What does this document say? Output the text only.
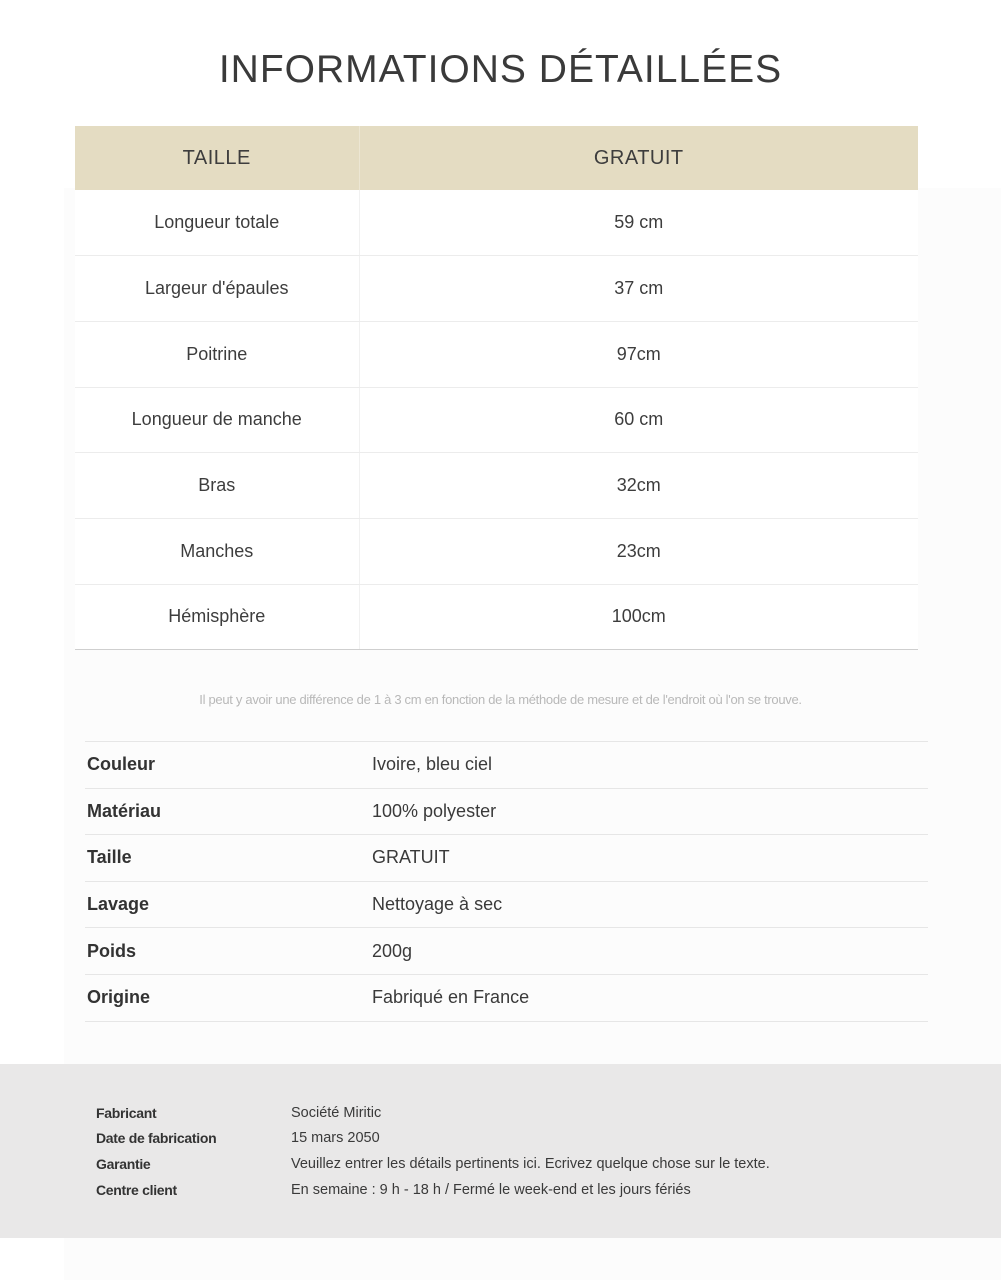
INFORMATIONS DÉTAILLÉES
TAILLE	GRATUIT
Longueur totale	59 cm
Largeur d'épaules	37 cm
Poitrine	97cm
Longueur de manche	60 cm
Bras	32cm
Manches	23cm
Hémisphère	100cm

Il peut y avoir une différence de 1 à 3 cm en fonction de la méthode de mesure et de l'endroit où l'on se trouve.

Couleur	Ivoire, bleu ciel
Matériau	100% polyester
Taille	GRATUIT
Lavage	Nettoyage à sec
Poids	200g
Origine	Fabriqué en France
Fabricant	Société Miritic
Date de fabrication	15 mars 2050
Garantie	Veuillez entrer les détails pertinents ici. Ecrivez quelque chose sur le texte.
Centre client	En semaine : 9 h - 18 h / Fermé le week-end et les jours fériés
